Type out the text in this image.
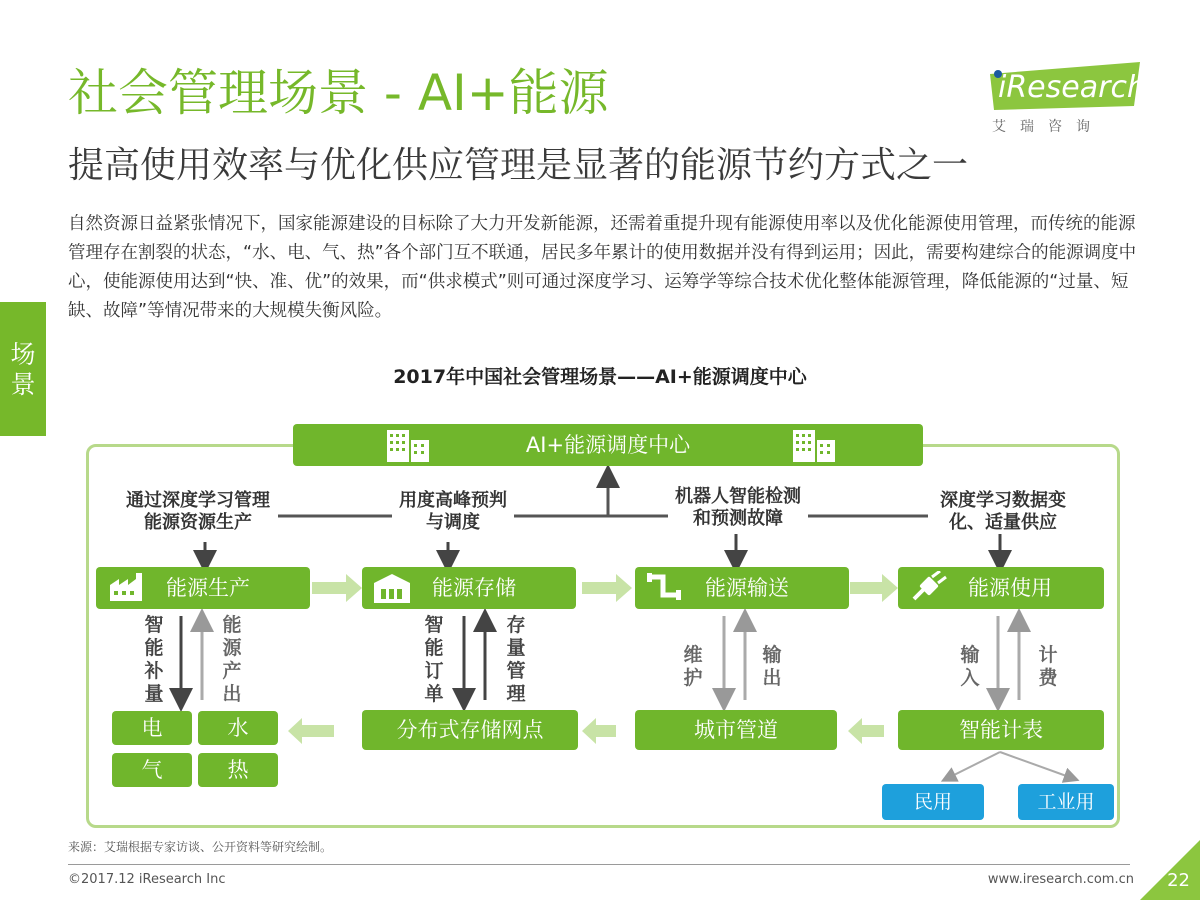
社会管理场景 - AI+能源
提高使用效率与优化供应管理是显著的能源节约方式之一
iResearch
艾瑞咨询
自然资源日益紧张情况下，国家能源建设的目标除了大力开发新能源，还需着重提升现有能源使用率以及优化能源使用管理，而传统的能源管理存在割裂的状态，“水、电、气、热”各个部门互不联通，居民多年累计的使用数据并没有得到运用；因此，需要构建综合的能源调度中心，使能源使用达到“快、准、优”的效果，而“供求模式”则可通过深度学习、运筹学等综合技术优化整体能源管理，降低能源的“过量、短缺、故障”等情况带来的大规模失衡风险。
场景	2017年中国社会管理场景——AI+能源调度中心
AI+能源调度中心
通过深度学习管理能源资源生产
用度高峰预判与调度
机器人智能检测和预测故障
深度学习数据变化、适量供应
能源生产	能源存储	能源输送	能源使用
智能补量
能源产出
智能订单
存量管理
维护
输出
输入
计费
电	水
气	热
分布式存储网点	城市管道	智能计表
民用	工业用
来源：艾瑞根据专家访谈、公开资料等研究绘制。
©2017.12 iResearch Inc	www.iresearch.com.cn 22
